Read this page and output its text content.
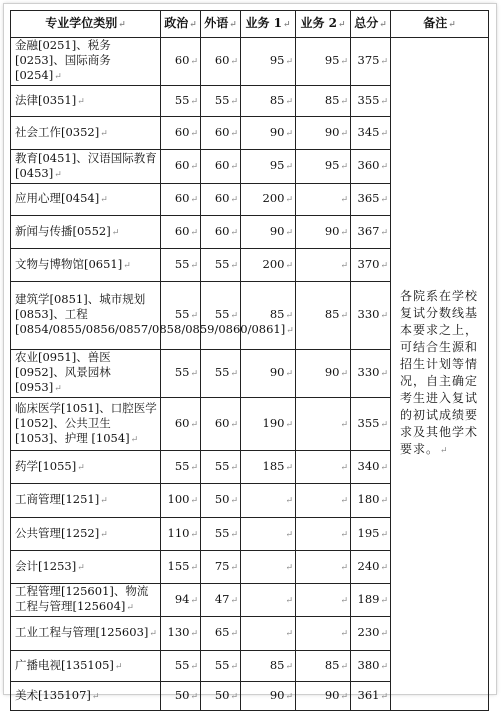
专业学位类别↵	政治↵	外语↵	业务 1↵	业务 2↵	总分↵	备注↵
金融[0251]、税务[0253]、国际商务[0254]↵	60↵	60↵	95↵	95↵	375↵	各院系在学校复试分数线基本要求之上，可结合生源和招生计划等情况，自主确定考生进入复试的初试成绩要求及其他学术要求。↵
法律[0351]↵	55↵	55↵	85↵	85↵	355↵	
社会工作[0352]↵	60↵	60↵	90↵	90↵	345↵	
教育[0451]、汉语国际教育[0453]↵	60↵	60↵	95↵	95↵	360↵	
应用心理[0454]↵	60↵	60↵	200↵	↵	365↵	
新闻与传播[0552]↵	60↵	60↵	90↵	90↵	367↵	
文物与博物馆[0651]↵	55↵	55↵	200↵	↵	370↵	
建筑学[0851]、城市规划[0853]、工程[0854/0855/0856/0857/0858/0859/0860/0861]↵	55↵	55↵	85↵	85↵	330↵	
农业[0951]、兽医[0952]、风景园林[0953]↵	55↵	55↵	90↵	90↵	330↵	
临床医学[1051]、口腔医学[1052]、公共卫生[1053]、护理 [1054]↵	60↵	60↵	190↵	↵	355↵	
药学[1055]↵	55↵	55↵	185↵	↵	340↵	
工商管理[1251]↵	100↵	50↵	↵	↵	180↵	
公共管理[1252]↵	110↵	55↵	↵	↵	195↵	
会计[1253]↵	155↵	75↵	↵	↵	240↵	
工程管理[125601]、物流工程与管理[125604]↵	94↵	47↵	↵	↵	189↵	
工业工程与管理[125603]↵	130↵	65↵	↵	↵	230↵	
广播电视[135105]↵	55↵	55↵	85↵	85↵	380↵	
美术[135107]↵	50↵	50↵	90↵	90↵	361↵	
